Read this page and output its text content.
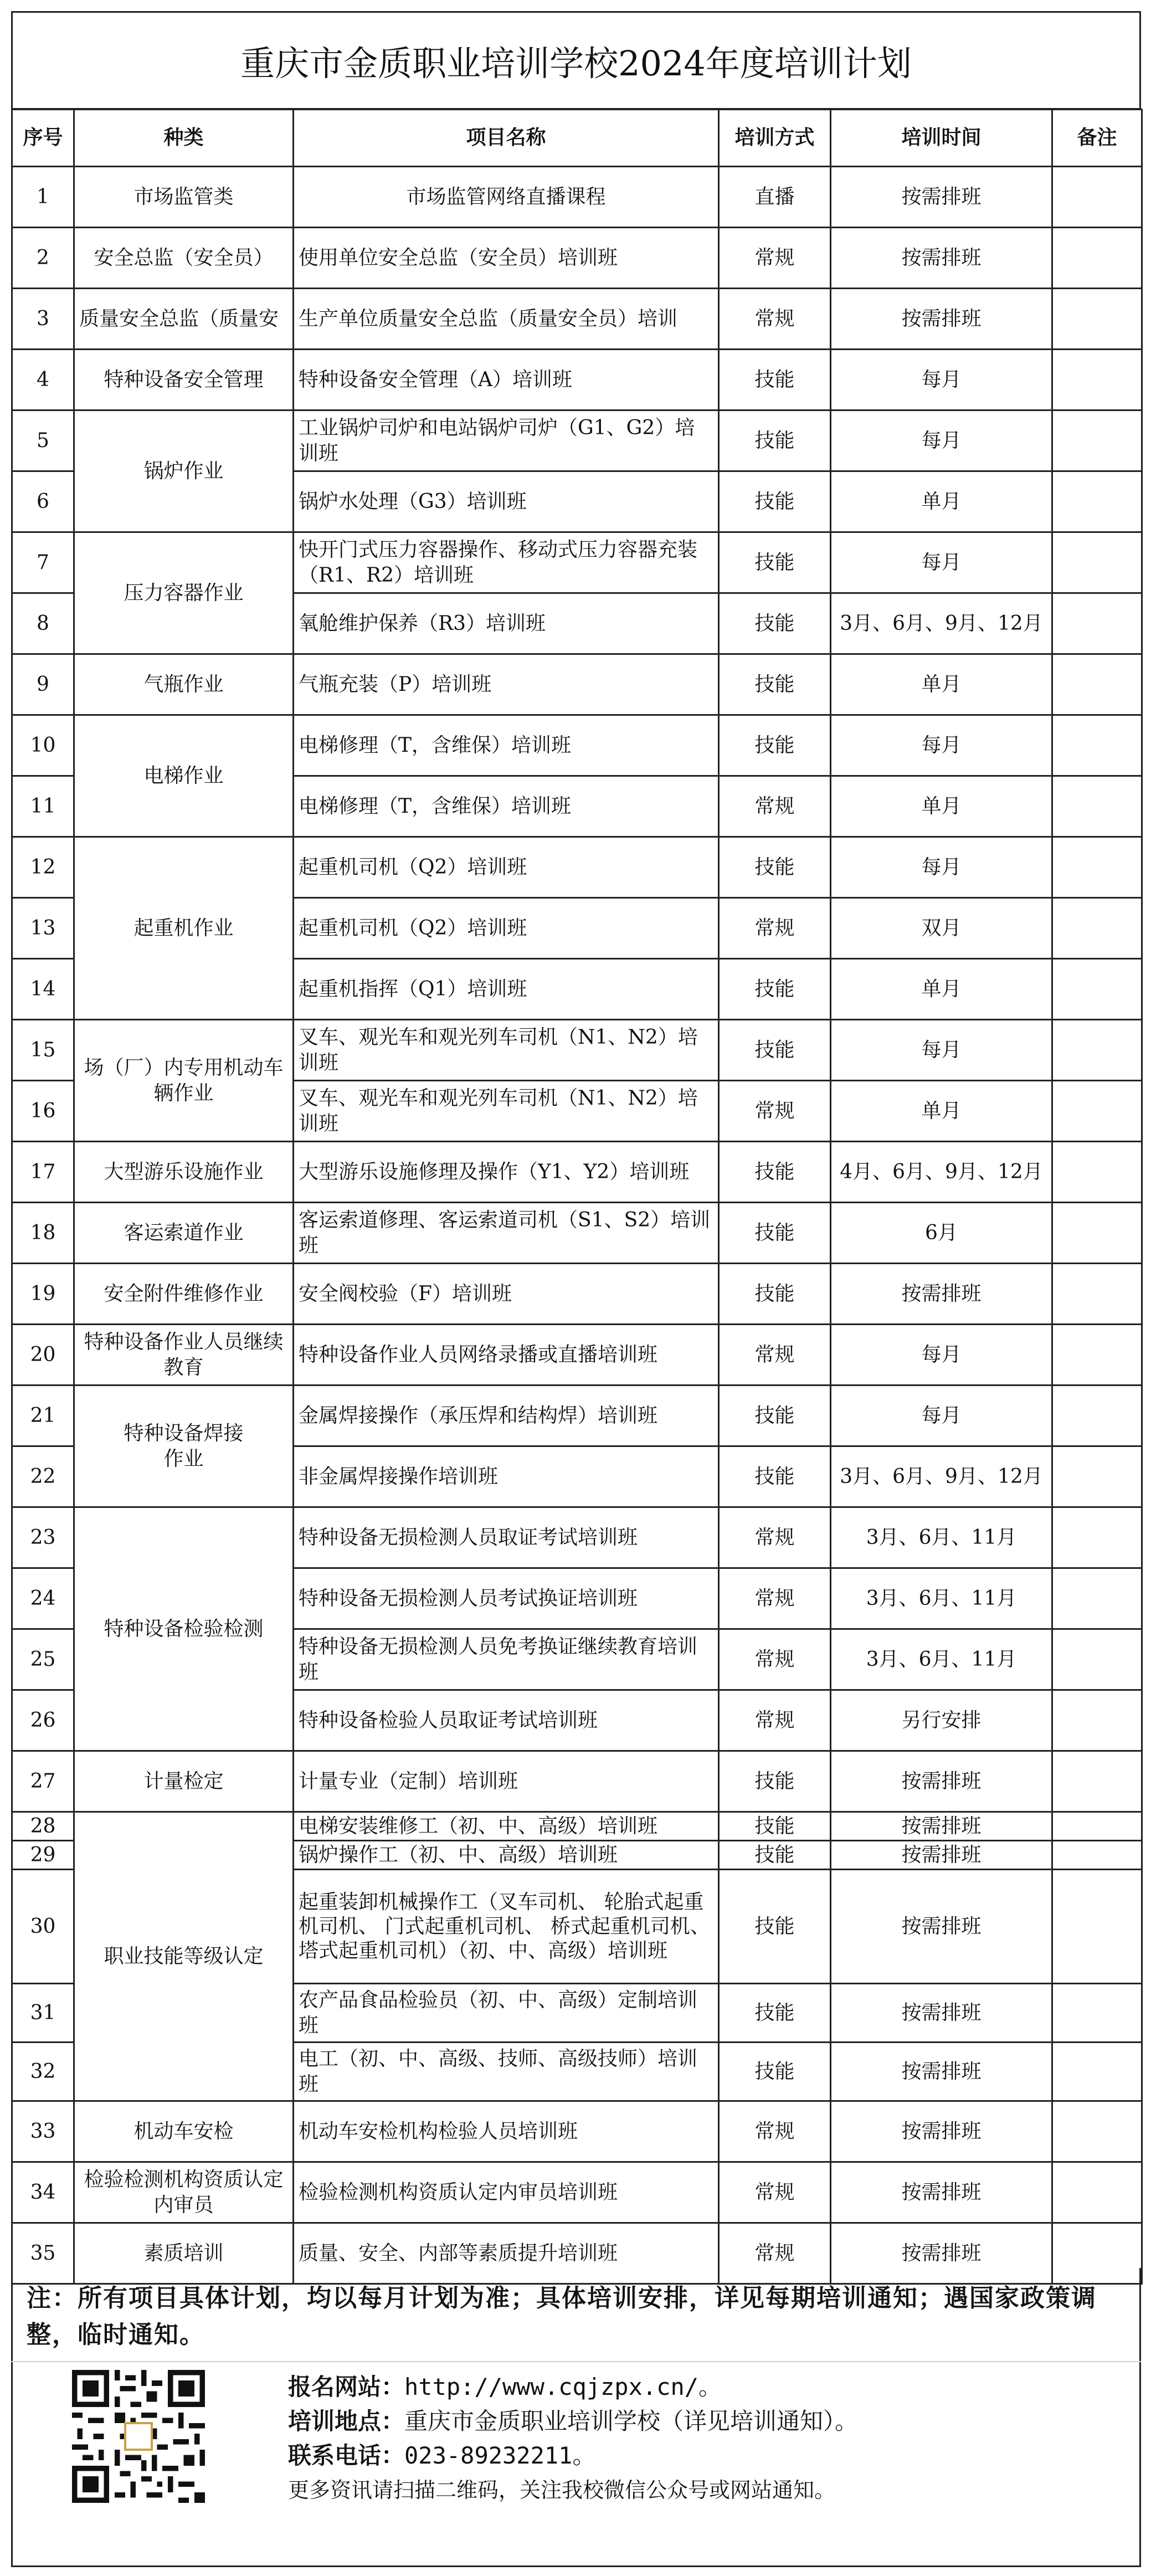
重庆市金质职业培训学校2024年度培训计划
序号	种类	项目名称	培训方式	培训时间	备注
1	市场监管类	市场监管网络直播课程	直播	按需排班	
2	安全总监（安全员）	使用单位安全总监（安全员）培训班	常规	按需排班	
3	质量安全总监（质量安	生产单位质量安全总监（质量安全员）培训	常规	按需排班	
4	特种设备安全管理	特种设备安全管理（A）培训班	技能	每月	
5	锅炉作业	工业锅炉司炉和电站锅炉司炉（G1、G2）培训班	技能	每月	
6		锅炉水处理（G3）培训班	技能	单月	
7	压力容器作业	快开门式压力容器操作、移动式压力容器充装（R1、R2）培训班	技能	每月	
8		氧舱维护保养（R3）培训班	技能	3月、6月、9月、12月	
9	气瓶作业	气瓶充装（P）培训班	技能	单月	
10	电梯作业	电梯修理（T，含维保）培训班	技能	每月	
11		电梯修理（T，含维保）培训班	常规	单月	
12	起重机作业	起重机司机（Q2）培训班	技能	每月	
13		起重机司机（Q2）培训班	常规	双月	
14		起重机指挥（Q1）培训班	技能	单月	
15	场（厂）内专用机动车辆作业	叉车、观光车和观光列车司机（N1、N2）培训班	技能	每月	
16		叉车、观光车和观光列车司机（N1、N2）培训班	常规	单月	
17	大型游乐设施作业	大型游乐设施修理及操作（Y1、Y2）培训班	技能	4月、6月、9月、12月	
18	客运索道作业	客运索道修理、客运索道司机（S1、S2）培训班	技能	6月	
19	安全附件维修作业	安全阀校验（F）培训班	技能	按需排班	
20	特种设备作业人员继续教育	特种设备作业人员网络录播或直播培训班	常规	每月	
21	特种设备焊接作业	金属焊接操作（承压焊和结构焊）培训班	技能	每月	
22		非金属焊接操作培训班	技能	3月、6月、9月、12月	
23	特种设备检验检测	特种设备无损检测人员取证考试培训班	常规	3月、6月、11月	
24		特种设备无损检测人员考试换证培训班	常规	3月、6月、11月	
25		特种设备无损检测人员免考换证继续教育培训班	常规	3月、6月、11月	
26		特种设备检验人员取证考试培训班	常规	另行安排	
27	计量检定	计量专业（定制）培训班	技能	按需排班	
28	职业技能等级认定	电梯安装维修工（初、中、高级）培训班	技能	按需排班	
29		锅炉操作工（初、中、高级）培训班	技能	按需排班	
30		起重装卸机械操作工（叉车司机、 轮胎式起重机司机、 门式起重机司机、 桥式起重机司机、塔式起重机司机）（初、中、高级）培训班	技能	按需排班	
31		农产品食品检验员（初、中、高级）定制培训班	技能	按需排班	
32		电工（初、中、高级、技师、高级技师）培训班	技能	按需排班	
33	机动车安检	机动车安检机构检验人员培训班	常规	按需排班	
34	检验检测机构资质认定内审员	检验检测机构资质认定内审员培训班	常规	按需排班	
35	素质培训	质量、安全、内部等素质提升培训班	常规	按需排班	
注：所有项目具体计划，均以每月计划为准；具体培训安排，详见每期培训通知；遇国家政策调整，临时通知。
报名网站：http://www.cqjzpx.cn/。
培训地点：重庆市金质职业培训学校（详见培训通知）。
联系电话：023-89232211。
更多资讯请扫描二维码，关注我校微信公众号或网站通知。
